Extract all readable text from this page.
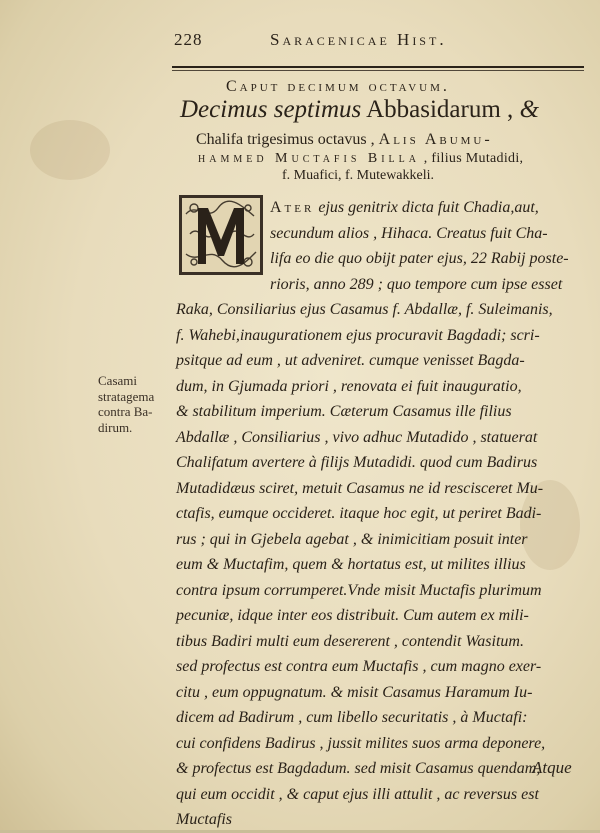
228	Saracenicae Hist.
Caput decimum octavum.
Decimus septimus Abbasidarum , &
Chalifa trigesimus octavus , Alis Abumu-
hammed Muctafis Billa , filius Mutadidi,
f. Muafici, f. Mutewakkeli.
Ater ejus genitrix dicta fuit Chadia,aut,
secundum alios , Hihaca. Creatus fuit Cha-
lifa eo die quo obijt pater ejus, 22 Rabij poste-
rioris, anno 289 ; quo tempore cum ipse esset
Raka, Consiliarius ejus Casamus f. Abdallæ, f. Suleimanis,
f. Wahebi,inaugurationem ejus procuravit Bagdadi; scri-
psitque ad eum , ut adveniret. cumque venisset Bagda-
dum, in Gjumada priori , renovata ei fuit inauguratio,
& stabilitum imperium. Cæterum Casamus ille filius
Abdallæ , Consiliarius , vivo adhuc Mutadido , statuerat
Chalifatum avertere à filijs Mutadidi. quod cum Badirus
Mutadidæus sciret, metuit Casamus ne id rescisceret Mu-
ctafis, eumque occideret. itaque hoc egit, ut periret Badi-
rus ; qui in Gjebela agebat , & inimicitiam posuit inter
eum & Muctafim, quem & hortatus est, ut milites illius
contra ipsum corrumperet.Vnde misit Muctafis plurimum
pecuniæ, idque inter eos distribuit. Cum autem ex mili-
tibus Badiri multi eum desererent , contendit Wasitum.
sed profectus est contra eum Muctafis , cum magno exer-
citu , eum oppugnatum. & misit Casamus Haramum Iu-
dicem ad Badirum , cum libello securitatis , à Muctafi:
cui confidens Badirus , jussit milites suos arma deponere,
& profectus est Bagdadum. sed misit Casamus quendam,
qui eum occidit , & caput ejus illi attulit , ac reversus est
Muctafis
Casami
stratagema
contra Ba-
dirum.
Atque
